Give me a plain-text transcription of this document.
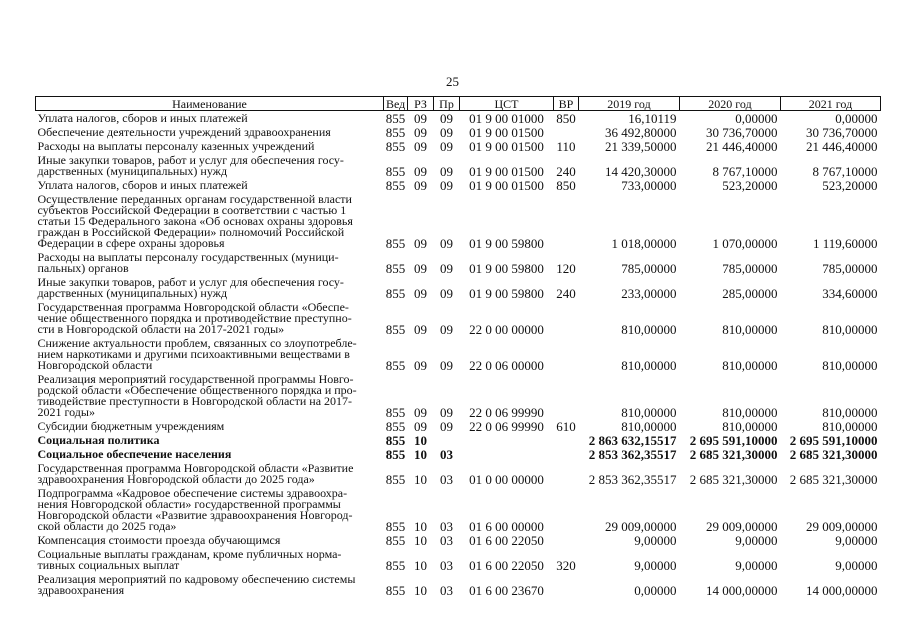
25
Наименование	Вед	РЗ	Пр	ЦСТ	ВР	2019 год	2020 год	2021 год
Уплата налогов, сборов и иных платежей	855	09	09	01 9 00 01000	850	16,10119	0,00000	0,00000
Обеспечение деятельности учреждений здравоохранения	855	09	09	01 9 00 01500		36 492,80000	30 736,70000	30 736,70000
Расходы на выплаты персоналу казенных учреждений	855	09	09	01 9 00 01500	110	21 339,50000	21 446,40000	21 446,40000
Иные закупки товаров, работ и услуг для обеспечения госу-
дарственных (муниципальных) нужд	855	09	09	01 9 00 01500	240	14 420,30000	8 767,10000	8 767,10000
Уплата налогов, сборов и иных платежей	855	09	09	01 9 00 01500	850	733,00000	523,20000	523,20000
Осуществление переданных органам государственной власти
субъектов Российской Федерации в соответствии с частью 1
статьи 15 Федерального закона «Об основах охраны здоровья
граждан в Российской Федерации» полномочий Российской
Федерации в сфере охраны здоровья	855	09	09	01 9 00 59800		1 018,00000	1 070,00000	1 119,60000
Расходы на выплаты персоналу государственных (муници-
пальных) органов	855	09	09	01 9 00 59800	120	785,00000	785,00000	785,00000
Иные закупки товаров, работ и услуг для обеспечения госу-
дарственных (муниципальных) нужд	855	09	09	01 9 00 59800	240	233,00000	285,00000	334,60000
Государственная программа Новгородской области «Обеспе-
чение общественного порядка и противодействие преступно-
сти в Новгородской области на 2017-2021 годы»	855	09	09	22 0 00 00000		810,00000	810,00000	810,00000
Снижение актуальности проблем, связанных со злоупотребле-
нием наркотиками и другими психоактивными веществами в
Новгородской области	855	09	09	22 0 06 00000		810,00000	810,00000	810,00000
Реализация мероприятий государственной программы Новго-
родской области «Обеспечение общественного порядка и про-
тиводействие преступности в Новгородской области на 2017-
2021 годы»	855	09	09	22 0 06 99990		810,00000	810,00000	810,00000
Субсидии бюджетным учреждениям	855	09	09	22 0 06 99990	610	810,00000	810,00000	810,00000
Социальная политика	855	10				2 863 632,15517	2 695 591,10000	2 695 591,10000
Социальное обеспечение населения	855	10	03			2 853 362,35517	2 685 321,30000	2 685 321,30000
Государственная программа Новгородской области «Развитие
здравоохранения Новгородской области до 2025 года»	855	10	03	01 0 00 00000		2 853 362,35517	2 685 321,30000	2 685 321,30000
Подпрограмма «Кадровое обеспечение системы здравоохра-
нения Новгородской области» государственной программы
Новгородской области «Развитие здравоохранения Новгород-
ской области до 2025 года»	855	10	03	01 6 00 00000		29 009,00000	29 009,00000	29 009,00000
Компенсация стоимости проезда обучающимся	855	10	03	01 6 00 22050		9,00000	9,00000	9,00000
Социальные выплаты гражданам, кроме публичных норма-
тивных социальных выплат	855	10	03	01 6 00 22050	320	9,00000	9,00000	9,00000
Реализация мероприятий по кадровому обеспечению системы
здравоохранения	855	10	03	01 6 00 23670		0,00000	14 000,00000	14 000,00000
